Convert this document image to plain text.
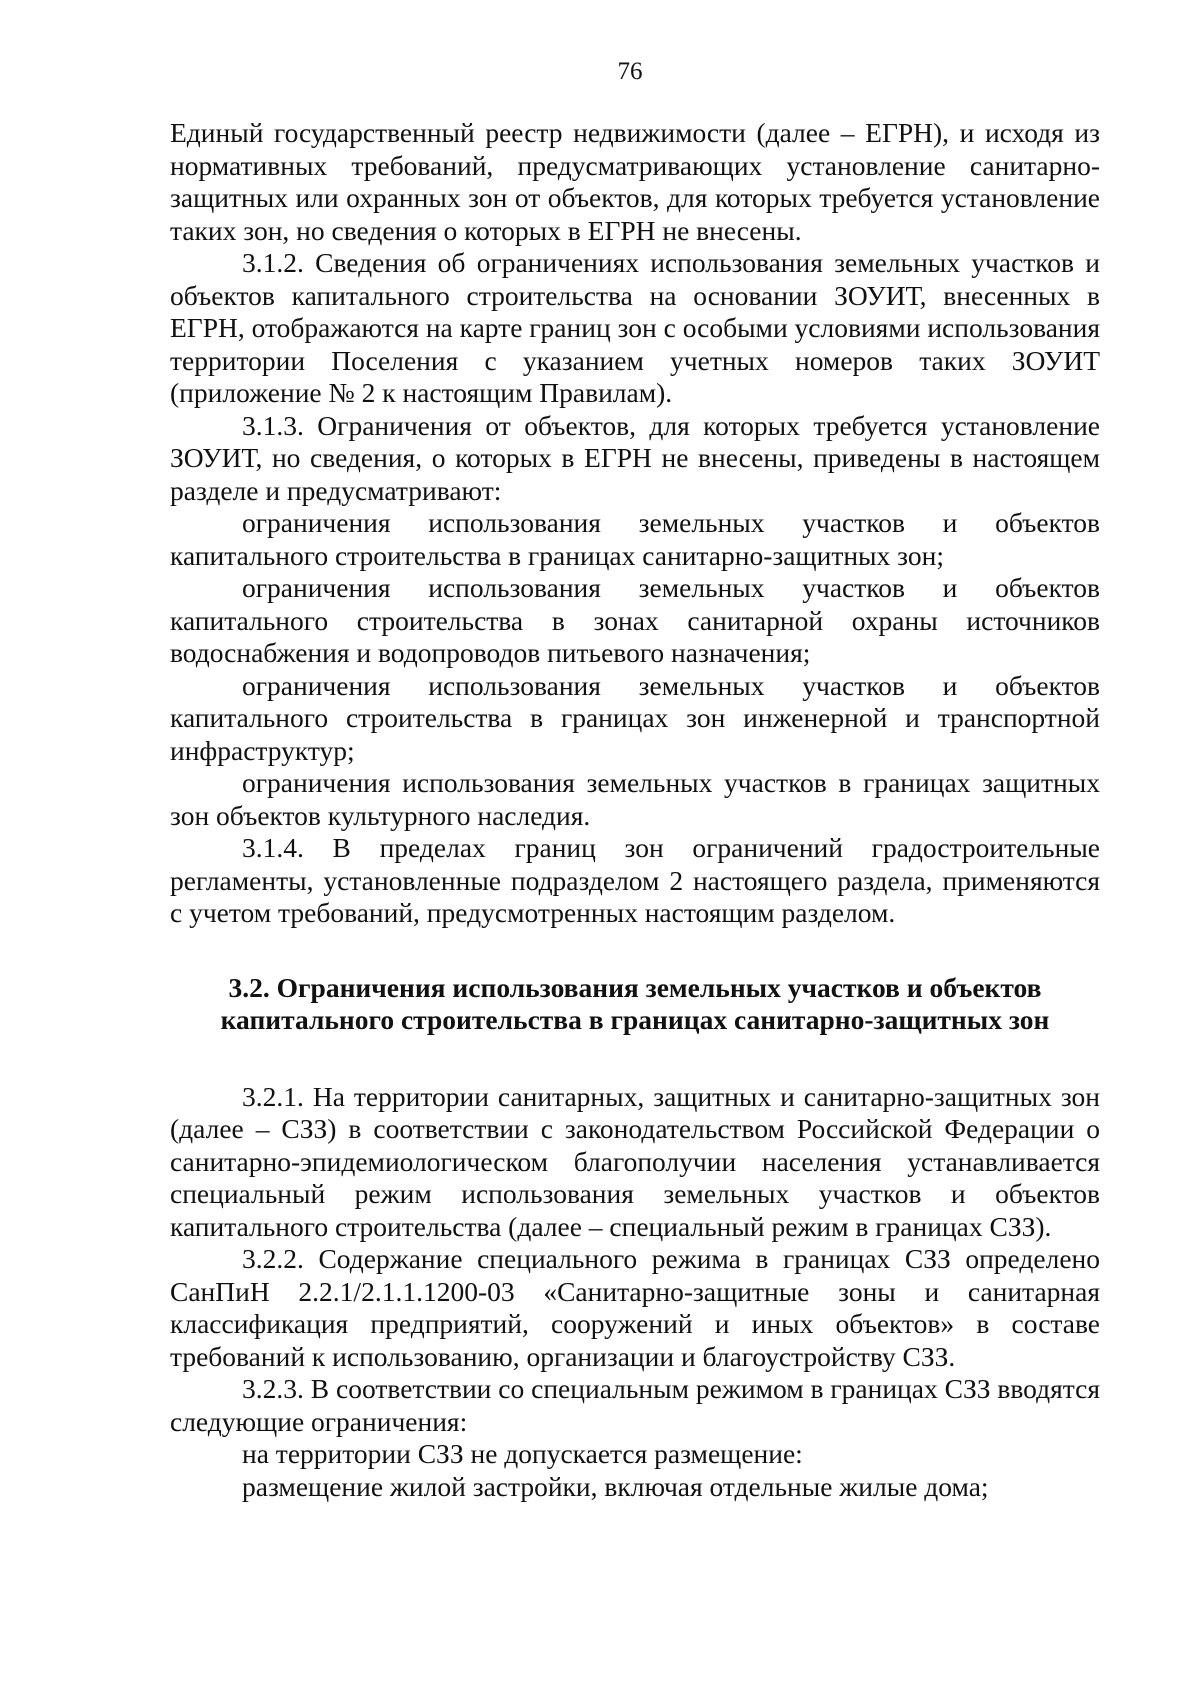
76

Единый государственный реестр недвижимости (далее – ЕГРН), и исходя из нормативных требований, предусматривающих установление санитарно-защитных или охранных зон от объектов, для которых требуется установление таких зон, но сведения о которых в ЕГРН не внесены.

3.1.2. Сведения об ограничениях использования земельных участков и объектов капитального строительства на основании ЗОУИТ, внесенных в ЕГРН, отображаются на карте границ зон с особыми условиями использования территории Поселения с указанием учетных номеров таких ЗОУИТ (приложение № 2 к настоящим Правилам).

3.1.3. Ограничения от объектов, для которых требуется установление ЗОУИТ, но сведения, о которых в ЕГРН не внесены, приведены в настоящем разделе и предусматривают:

ограничения использования земельных участков и объектов капитального строительства в границах санитарно-защитных зон;

ограничения использования земельных участков и объектов капитального строительства в зонах санитарной охраны источников водоснабжения и водопроводов питьевого назначения;

ограничения использования земельных участков и объектов капитального строительства в границах зон инженерной и транспортной инфраструктур;

ограничения использования земельных участков в границах защитных зон объектов культурного наследия.

3.1.4. В пределах границ зон ограничений градостроительные регламенты, установленные подразделом 2 настоящего раздела, применяются с учетом требований, предусмотренных настоящим разделом.

3.2. Ограничения использования земельных участков и объектов
капитального строительства в границах санитарно-защитных зон

3.2.1. На территории санитарных, защитных и санитарно-защитных зон (далее – СЗЗ) в соответствии с законодательством Российской Федерации о санитарно-эпидемиологическом благополучии населения устанавливается специальный режим использования земельных участков и объектов капитального строительства (далее – специальный режим в границах СЗЗ).

3.2.2. Содержание специального режима в границах СЗЗ определено СанПиН 2.2.1/2.1.1.1200-03 «Санитарно-защитные зоны и санитарная классификация предприятий, сооружений и иных объектов» в составе требований к использованию, организации и благоустройству СЗЗ.

3.2.3. В соответствии со специальным режимом в границах СЗЗ вводятся следующие ограничения:

на территории СЗЗ не допускается размещение:

размещение жилой застройки, включая отдельные жилые дома;
